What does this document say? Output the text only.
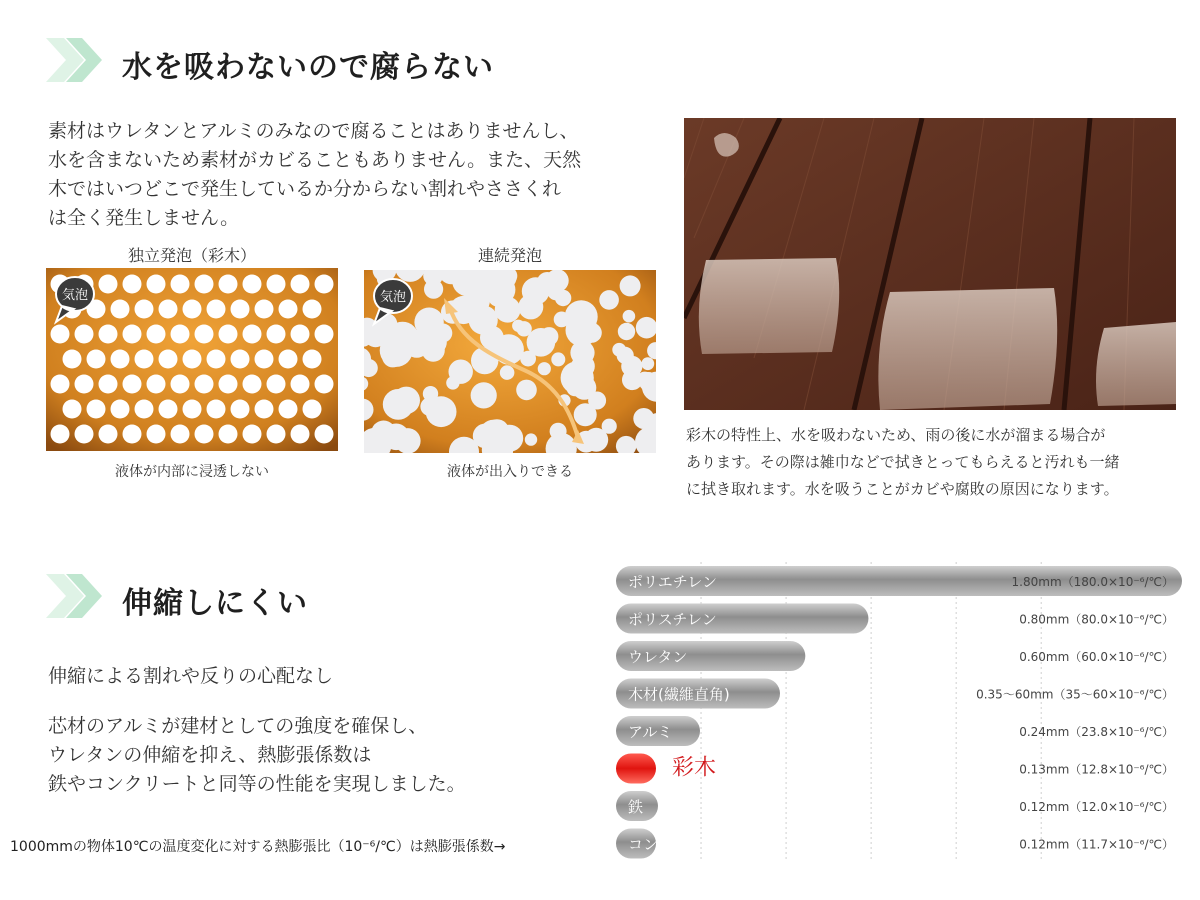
水を吸わないので腐らない

素材はウレタンとアルミのみなので腐ることはありませんし、

水を含まないため素材がカビることもありません。また、天然

木ではいつどこで発生しているか分からない割れやささくれ

は全く発生しません。

独立発泡（彩木）
気泡
液体が内部に浸透しない
連続発泡
気泡
液体が出入りできる

彩木の特性上、水を吸わないため、雨の後に水が溜まる場合が

あります。その際は雑巾などで拭きとってもらえると汚れも一緒

に拭き取れます。水を吸うことがカビや腐敗の原因になります。

伸縮しにくい

伸縮による割れや反りの心配なし

芯材のアルミが建材としての強度を確保し、

ウレタンの伸縮を抑え、熱膨張係数は

鉄やコンクリートと同等の性能を実現しました。

ポリエチレン	1.80mm（180.0×10⁻⁶/℃）
ポリスチレン	0.80mm（80.0×10⁻⁶/℃）
ウレタン	0.60mm（60.0×10⁻⁶/℃）
木材(繊維直角)	0.35〜60mm（35〜60×10⁻⁶/℃）
アルミ	0.24mm（23.8×10⁻⁶/℃）
彩木	0.13mm（12.8×10⁻⁶/℃）
鉄	0.12mm（12.0×10⁻⁶/℃）
コンクリート	0.12mm（11.7×10⁻⁶/℃）
1000mmの物体10℃の温度変化に対する熱膨張比（10⁻⁶/℃）は熱膨張係数→
